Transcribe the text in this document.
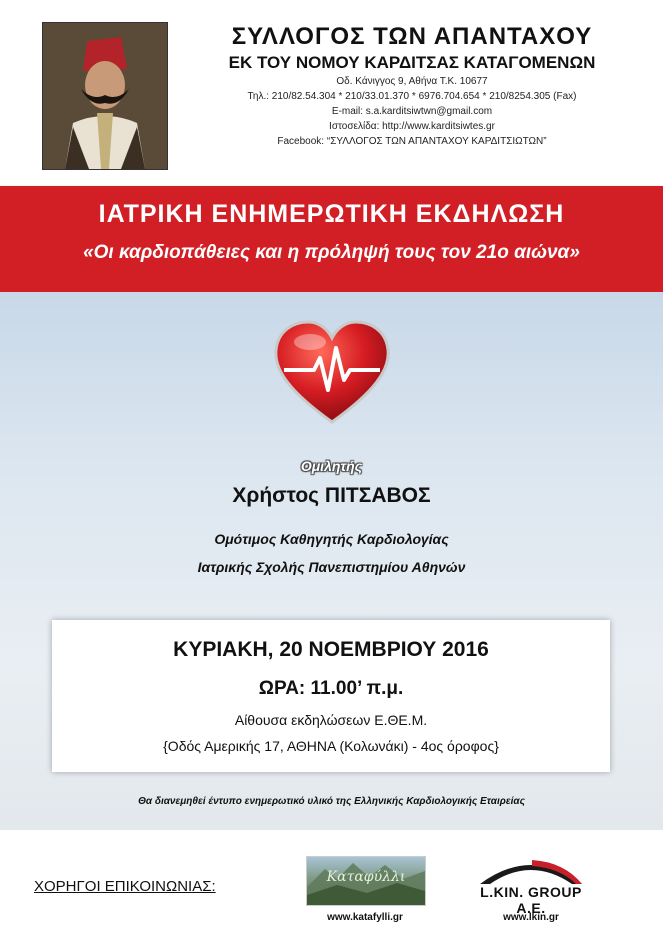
ΣΥΛΛΟΓΟΣ ΤΩΝ ΑΠΑΝΤΑΧΟΥ

ΕΚ ΤΟΥ ΝΟΜΟΥ ΚΑΡΔΙΤΣΑΣ ΚΑΤΑΓΟΜΕΝΩΝ

Οδ. Κάνιγγος 9, Αθήνα Τ.Κ. 10677

Τηλ.: 210/82.54.304 * 210/33.01.370 * 6976.704.654 * 210/8254.305 (Fax)

E-mail: s.a.karditsiwtwn@gmail.com

Ιστοσελίδα: http://www.karditsiwtes.gr

Facebook: “ΣΥΛΛΟΓΟΣ ΤΩΝ ΑΠΑΝΤΑΧΟΥ ΚΑΡΔΙΤΣΙΩΤΩΝ”

ΙΑΤΡΙΚΗ ΕΝΗΜΕΡΩΤΙΚΗ ΕΚΔΗΛΩΣΗ
«Οι καρδιοπάθειες και η πρόληψή τους τον 21ο αιώνα»
Ομιλητής
Χρήστος ΠΙΤΣΑΒΟΣ
Ομότιμος Καθηγητής Καρδιολογίας
Ιατρικής Σχολής Πανεπιστημίου Αθηνών
ΚΥΡΙΑΚΗ, 20 ΝΟΕΜΒΡΙΟΥ 2016
ΩΡΑ: 11.00’ π.μ.
Αίθουσα εκδηλώσεων Ε.ΘΕ.Μ.
{Οδός Αμερικής 17, ΑΘΗΝΑ (Κολωνάκι) - 4ος όροφος}
Θα διανεμηθεί έντυπο ενημερωτικό υλικό της Ελληνικής Καρδιολογικής Εταιρείας
ΧΟΡΗΓΟΙ ΕΠΙΚΟΙΝΩΝΙΑΣ:
Καταφύλλι
www.katafylli.gr
L.KIN. GROUP A.E.
www.lkin.gr
